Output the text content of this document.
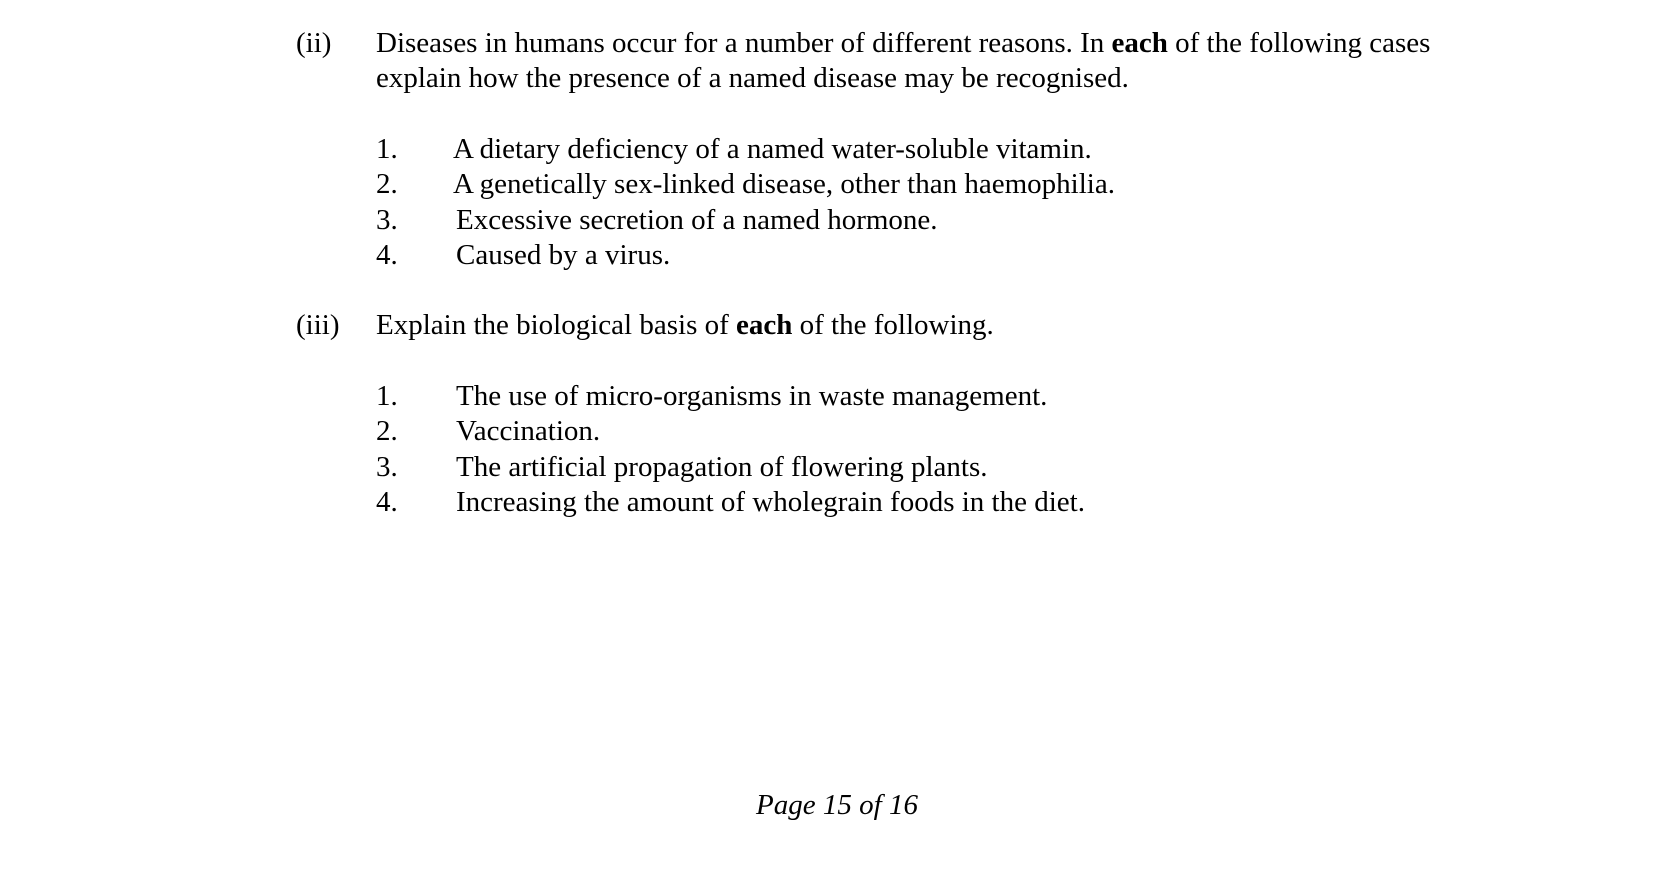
(ii)	Diseases in humans occur for a number of different reasons. In each of the following cases
explain how the presence of a named disease may be recognised.
1.	A dietary deficiency of a named water-soluble vitamin.
2.	A genetically sex-linked disease, other than haemophilia.
3.	Excessive secretion of a named hormone.
4.	Caused by a virus.
(iii)	Explain the biological basis of each of the following.
1.	The use of micro-organisms in waste management.
2.	Vaccination.
3.	The artificial propagation of flowering plants.
4.	Increasing the amount of wholegrain foods in the diet.
Page 15 of 16
